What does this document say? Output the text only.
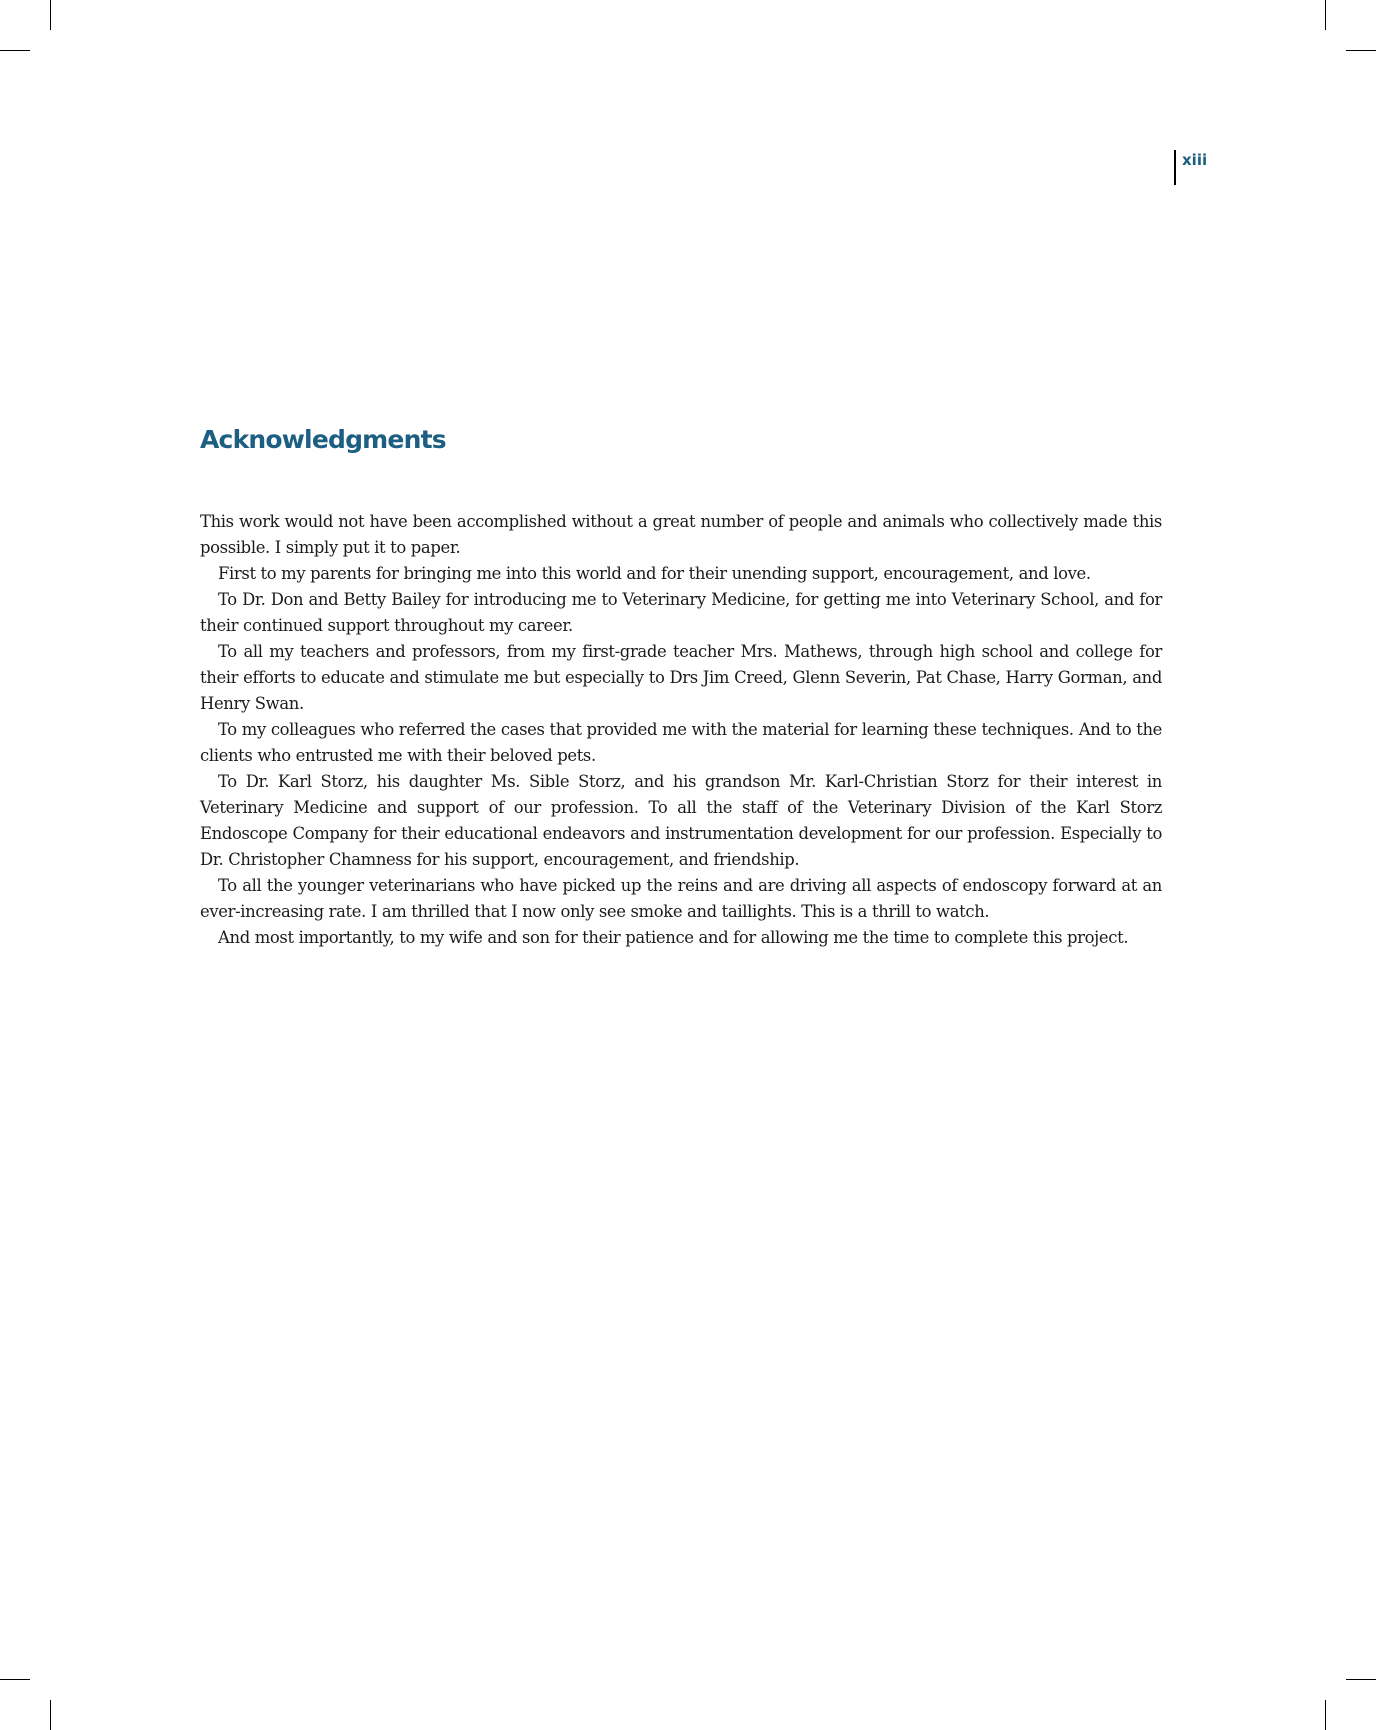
xiii
Acknowledgments

This work would not have been accomplished without a great number of people and animals who collectively made this possible. I simply put it to paper.

First to my parents for bringing me into this world and for their unending support, encouragement, and love.

To Dr. Don and Betty Bailey for introducing me to Veterinary Medicine, for getting me into Veterinary School, and for their continued support throughout my career.

To all my teachers and professors, from my first-grade teacher Mrs. Mathews, through high school and college for their efforts to educate and stimulate me but especially to Drs Jim Creed, Glenn Severin, Pat Chase, Harry Gorman, and Henry Swan.

To my colleagues who referred the cases that provided me with the material for learning these techniques. And to the clients who entrusted me with their beloved pets.

To Dr. Karl Storz, his daughter Ms. Sible Storz, and his grandson Mr. Karl-Christian Storz for their interest in Veterinary Medicine and support of our profession. To all the staff of the Veterinary Division of the Karl Storz Endoscope Company for their educational endeavors and instrumentation development for our profession. Especially to Dr. Christopher Chamness for his support, encouragement, and friendship.

To all the younger veterinarians who have picked up the reins and are driving all aspects of endoscopy forward at an ever-increasing rate. I am thrilled that I now only see smoke and taillights. This is a thrill to watch.

And most importantly, to my wife and son for their patience and for allowing me the time to complete this project.
